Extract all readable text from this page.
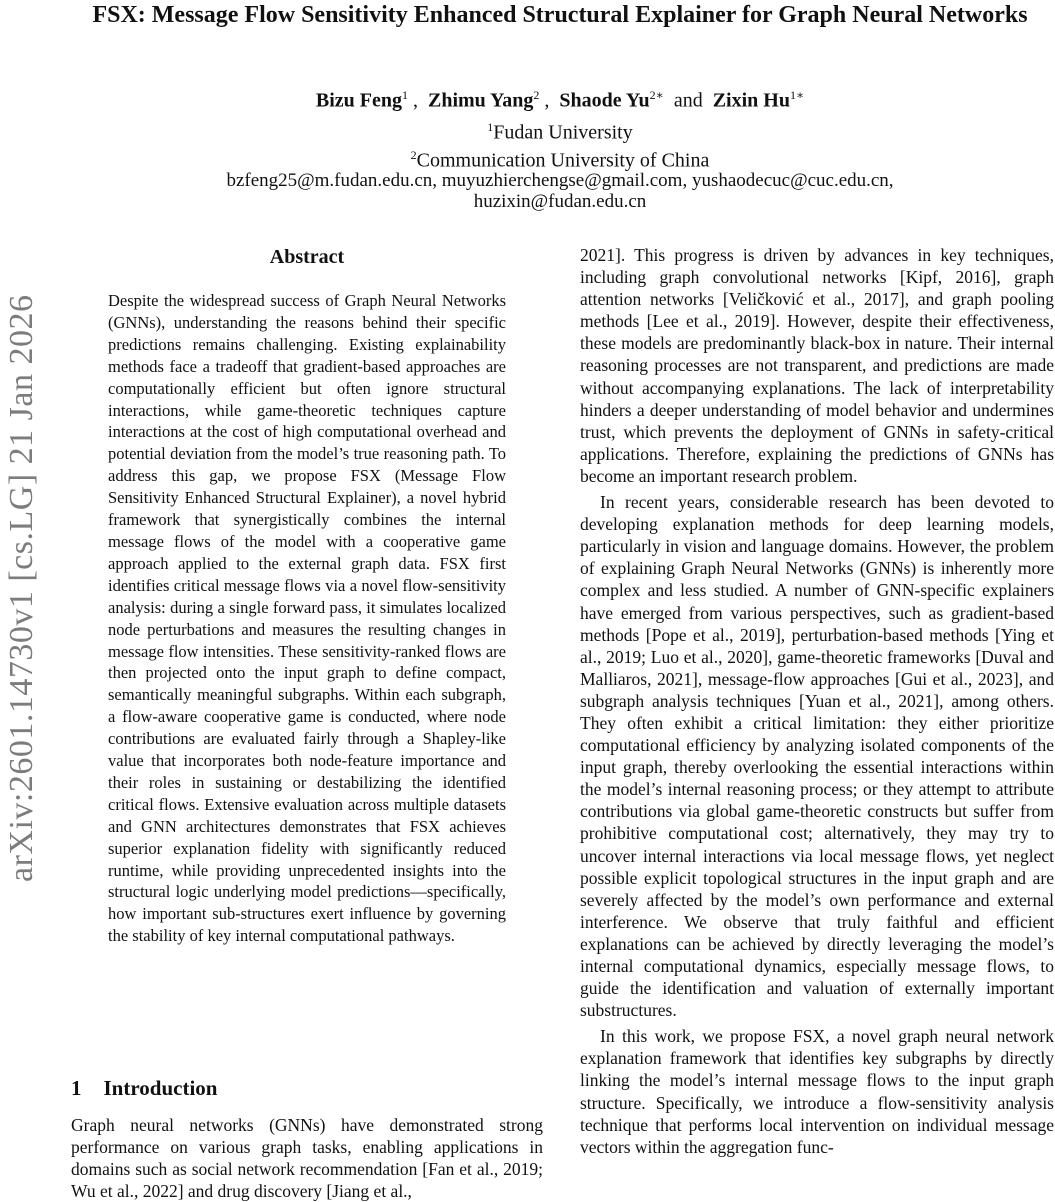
FSX: Message Flow Sensitivity Enhanced Structural Explainer for Graph Neural Networks
Bizu Feng$^1$ ,  Zhimu Yang$^2$ ,  Shaode $Yu^{2∗}$ and Zixin $Hu^{1∗}$
$^1$Fudan University
$^2$Communication University of China
bzfeng25@m.fudan.edu.cn, muyuzhierchengse@gmail.com, yushaodecuc@cuc.edu.cn,
huzixin@fudan.edu.cn
arXiv:2601.14730v1 [cs.LG] 21 Jan 2026
Abstract
Despite the widespread success of Graph Neural Networks (GNNs), understanding the reasons behind their specific predictions remains challenging. Existing explainability methods face a tradeoff that gradient-based approaches are computationally efficient but often ignore structural interactions, while game-theoretic techniques capture interactions at the cost of high computational overhead and potential deviation from the model’s true reasoning path. To address this gap, we propose FSX (Message Flow Sensitivity Enhanced Structural Explainer), a novel hybrid framework that synergistically combines the internal message flows of the model with a cooperative game approach applied to the external graph data. FSX first identifies critical message flows via a novel flow-sensitivity analysis: during a single forward pass, it simulates localized node perturbations and measures the resulting changes in message flow intensities. These sensitivity-ranked flows are then projected onto the input graph to define compact, semantically meaningful subgraphs. Within each subgraph, a flow-aware cooperative game is conducted, where node contributions are evaluated fairly through a Shapley-like value that incorporates both node-feature importance and their roles in sustaining or destabilizing the identified critical flows. Extensive evaluation across multiple datasets and GNN architectures demonstrates that FSX achieves superior explanation fidelity with significantly reduced runtime, while providing unprecedented insights into the structural logic underlying model predictions—specifically, how important sub-structures exert influence by governing the stability of key internal computational pathways.
1 Introduction
Graph neural networks (GNNs) have demonstrated strong performance on various graph tasks, enabling applications in domains such as social network recommendation [Fan et al., 2019; Wu et al., 2022] and drug discovery [Jiang et al.,

2021]. This progress is driven by advances in key techniques, including graph convolutional networks [Kipf, 2016], graph attention networks [Veličković et al., 2017], and graph pooling methods [Lee et al., 2019]. However, despite their effectiveness, these models are predominantly black-box in nature. Their internal reasoning processes are not transparent, and predictions are made without accompanying explanations. The lack of interpretability hinders a deeper understanding of model behavior and undermines trust, which prevents the deployment of GNNs in safety-critical applications. Therefore, explaining the predictions of GNNs has become an important research problem.

In recent years, considerable research has been devoted to developing explanation methods for deep learning models, particularly in vision and language domains. However, the problem of explaining Graph Neural Networks (GNNs) is inherently more complex and less studied. A number of GNN-specific explainers have emerged from various perspectives, such as gradient-based methods [Pope et al., 2019], perturbation-based methods [Ying et al., 2019; Luo et al., 2020], game-theoretic frameworks [Duval and Malliaros, 2021], message-flow approaches [Gui et al., 2023], and subgraph analysis techniques [Yuan et al., 2021], among others. They often exhibit a critical limitation: they either prioritize computational efficiency by analyzing isolated components of the input graph, thereby overlooking the essential interactions within the model’s internal reasoning process; or they attempt to attribute contributions via global game-theoretic constructs but suffer from prohibitive computational cost; alternatively, they may try to uncover internal interactions via local message flows, yet neglect possible explicit topological structures in the input graph and are severely affected by the model’s own performance and external interference. We observe that truly faithful and efficient explanations can be achieved by directly leveraging the model’s internal computational dynamics, especially message flows, to guide the identification and valuation of externally important substructures.

In this work, we propose FSX, a novel graph neural network explanation framework that identifies key subgraphs by directly linking the model’s internal message flows to the input graph structure. Specifically, we introduce a flow-sensitivity analysis technique that performs local intervention on individual message vectors within the aggregation func-
